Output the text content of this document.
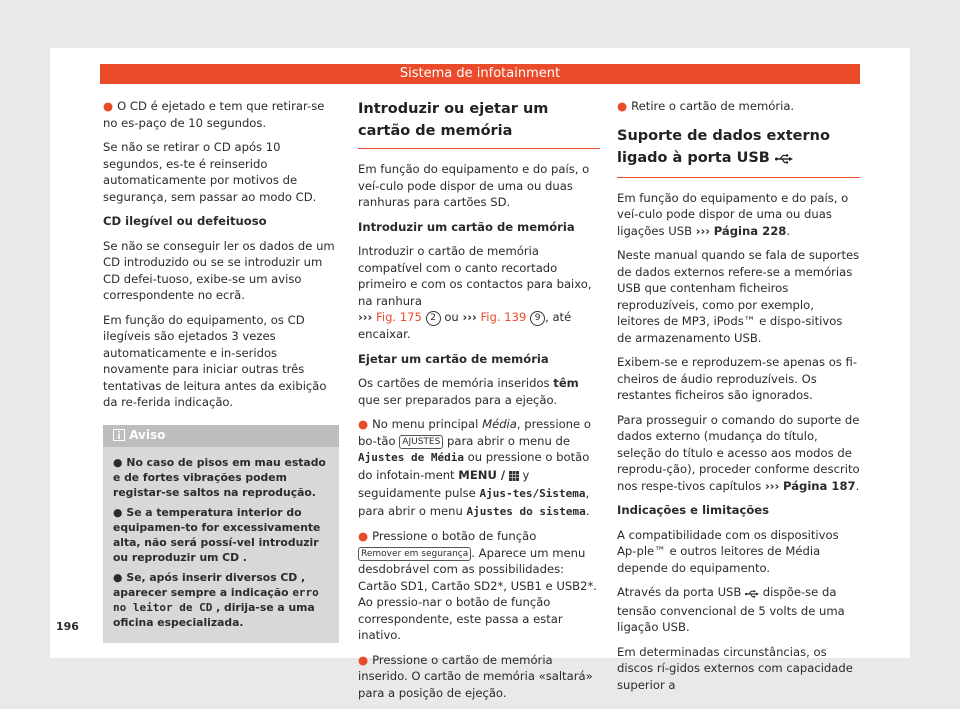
Sistema de infotainment

● O CD é ejetado e tem que retirar-se no es-paço de 10 segundos.

Se não se retirar o CD após 10 segundos, es-te é reinserido automaticamente por motivos de segurança, sem passar ao modo CD.

CD ilegível ou defeituoso

Se não se conseguir ler os dados de um CD introduzido ou se se introduzir um CD defei-tuoso, exibe-se um aviso correspondente no ecrã.

Em função do equipamento, os CD ilegíveis são ejetados 3 vezes automaticamente e in-seridos novamente para iniciar outras três tentativas de leitura antes da exibição da re-ferida indicação.

Aviso

● No caso de pisos em mau estado e de fortes vibrações podem registar-se saltos na reprodução.

● Se a temperatura interior do equipamen-to for excessivamente alta, não será possí-vel introduzir ou reproduzir um CD .

● Se, após inserir diversos CD , aparecer sempre a indicação erro no leitor de CD , dirija-se a uma oficina especializada.

Introduzir ou ejetar um cartão de memória

Em função do equipamento e do país, o veí-culo pode dispor de uma ou duas ranhuras para cartões SD.

Introduzir um cartão de memória

Introduzir o cartão de memória compatível com o canto recortado primeiro e com os contactos para baixo, na ranhura
››› Fig. 175 2 ou ››› Fig. 139 9 , até encaixar.

Ejetar um cartão de memória

Os cartões de memória inseridos têm que ser preparados para a ejeção.

● No menu principal Média, pressione o bo-tão AJUSTES para abrir o menu de Ajustes de Média ou pressione o botão do infotain-ment MENU / y seguidamente pulse Ajus-tes/Sistema, para abrir o menu Ajustes do sistema.

● Pressione o botão de função
Remover em segurança . Aparece um menu desdobrável com as possibilidades: Cartão SD1, Cartão SD2*, USB1 e USB2*. Ao pressio-nar o botão de função correspondente, este passa a estar inativo.

● Pressione o cartão de memória inserido. O cartão de memória «saltará» para a posição de ejeção.

● Retire o cartão de memória.

Suporte de dados externo ligado à porta USB

Em função do equipamento e do país, o veí-culo pode dispor de uma ou duas ligações USB ››› Página 228.

Neste manual quando se fala de suportes de dados externos refere-se a memórias USB que contenham ficheiros reproduzíveis, como por exemplo, leitores de MP3, iPods™ e dispo-sitivos de armazenamento USB.

Exibem-se e reproduzem-se apenas os fi-cheiros de áudio reproduzíveis. Os restantes ficheiros são ignorados.

Para prosseguir o comando do suporte de dados externo (mudança do título, seleção do título e acesso aos modos de reprodu-ção), proceder conforme descrito nos respe-tivos capítulos ››› Página 187.

Indicações e limitações

A compatibilidade com os dispositivos Ap-ple™ e outros leitores de Média depende do equipamento.

Através da porta USB dispõe-se da tensão convencional de 5 volts de uma ligação USB.

Em determinadas circunstâncias, os discos rí-gidos externos com capacidade superior a

196
